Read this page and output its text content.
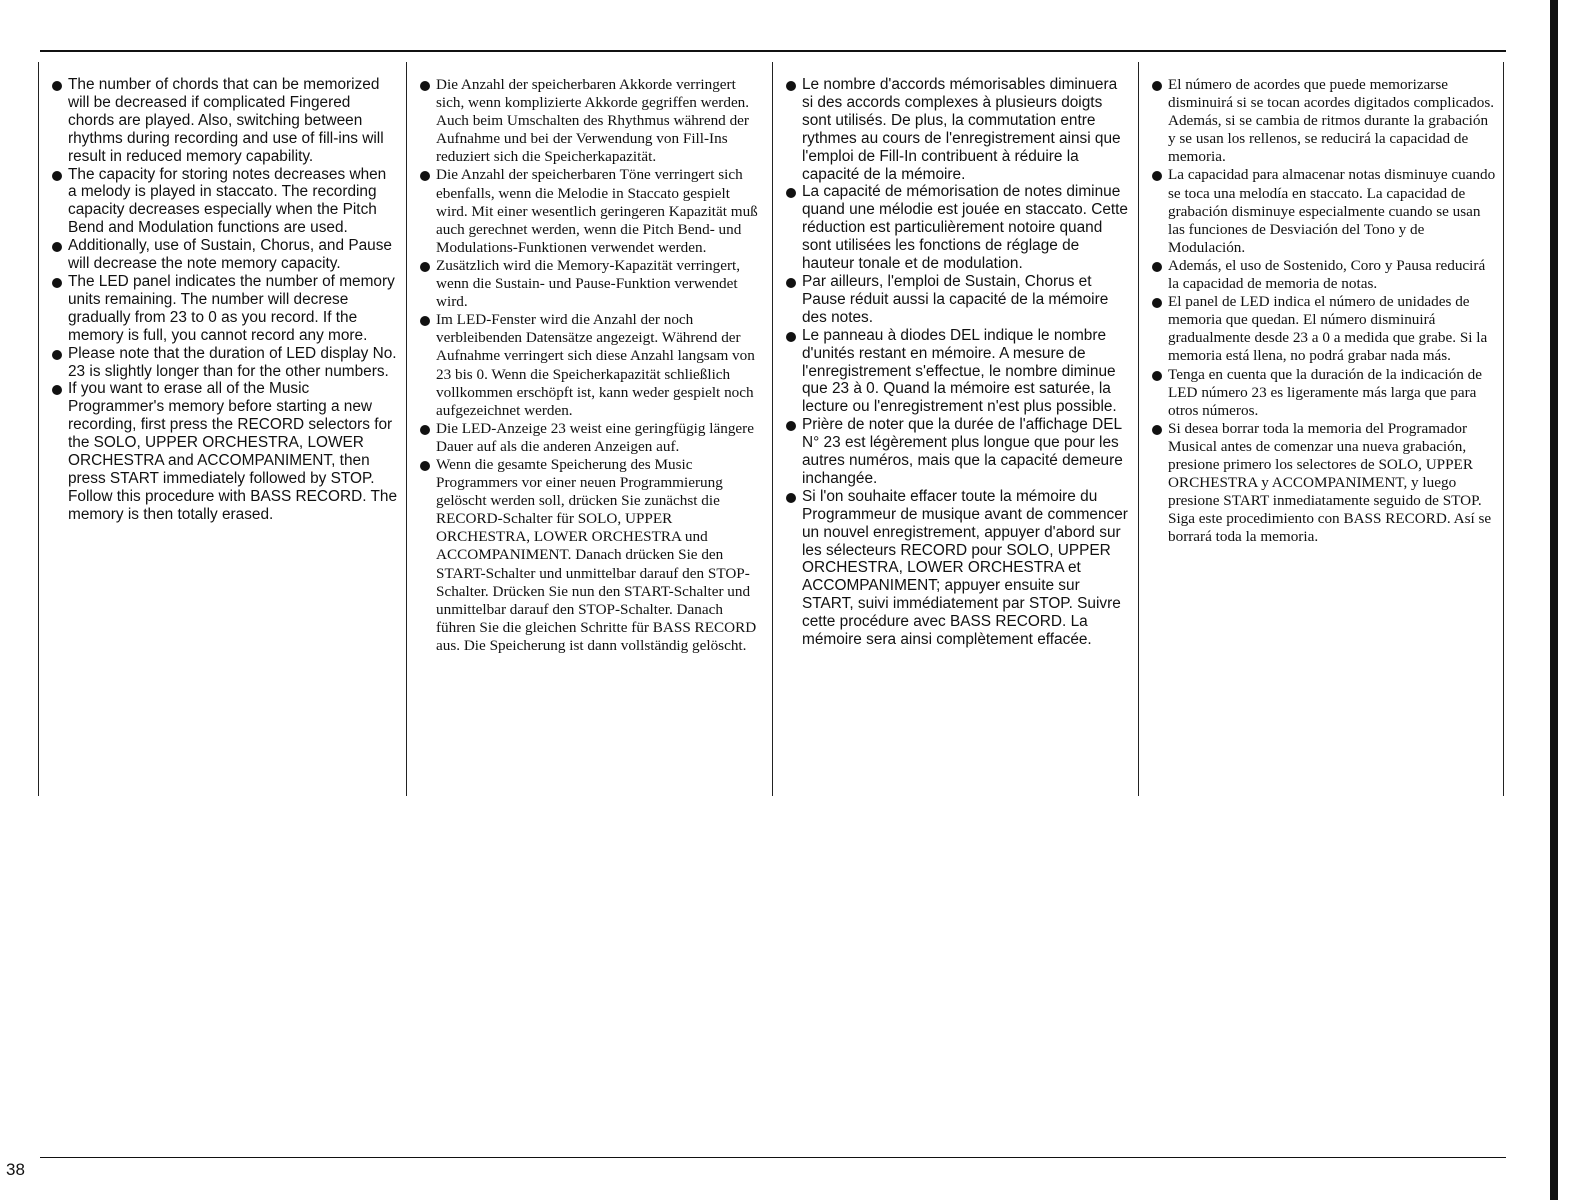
The number of chords that can be memorized will be decreased if complicated Fingered chords are played. Also, switching between rhythms during recording and use of fill-ins will result in reduced memory capability.
The capacity for storing notes decreases when a melody is played in staccato. The recording capacity decreases especially when the Pitch Bend and Modulation functions are used.
Additionally, use of Sustain, Chorus, and Pause will decrease the note memory capacity.
The LED panel indicates the number of memory units remaining. The number will decrese gradually from 23 to 0 as you record. If the memory is full, you cannot record any more.
Please note that the duration of LED display No. 23 is slightly longer than for the other numbers.
If you want to erase all of the Music Programmer's memory before starting a new recording, first press the RECORD selectors for the SOLO, UPPER ORCHESTRA, LOWER ORCHESTRA and ACCOMPANIMENT, then press START immediately followed by STOP. Follow this procedure with BASS RECORD. The memory is then totally erased.
Die Anzahl der speicherbaren Akkorde verringert sich, wenn komplizierte Akkorde gegriffen werden. Auch beim Umschalten des Rhythmus während der Aufnahme und bei der Verwendung von Fill-Ins reduziert sich die Speicherkapazität.
Die Anzahl der speicherbaren Töne verringert sich ebenfalls, wenn die Melodie in Staccato gespielt wird. Mit einer wesentlich geringeren Kapazität muß auch gerechnet werden, wenn die Pitch Bend- und Modulations-Funktionen verwendet werden.
Zusätzlich wird die Memory-Kapazität verringert, wenn die Sustain- und Pause-Funktion verwendet wird.
Im LED-Fenster wird die Anzahl der noch verbleibenden Datensätze angezeigt. Während der Aufnahme verringert sich diese Anzahl langsam von 23 bis 0. Wenn die Speicherkapazität schließlich vollkommen erschöpft ist, kann weder gespielt noch aufgezeichnet werden.
Die LED-Anzeige 23 weist eine geringfügig längere Dauer auf als die anderen Anzeigen auf.
Wenn die gesamte Speicherung des Music Programmers vor einer neuen Programmierung gelöscht werden soll, drücken Sie zunächst die RECORD-Schalter für SOLO, UPPER ORCHESTRA, LOWER ORCHESTRA und ACCOMPANIMENT. Danach drücken Sie den START-Schalter und unmittelbar darauf den STOP-Schalter. Drücken Sie nun den START-Schalter und unmittelbar darauf den STOP-Schalter. Danach führen Sie die gleichen Schritte für BASS RECORD aus. Die Speicherung ist dann vollständig gelöscht.
Le nombre d'accords mémorisables diminuera si des accords complexes à plusieurs doigts sont utilisés. De plus, la commutation entre rythmes au cours de l'enregistrement ainsi que l'emploi de Fill-In contribuent à réduire la capacité de la mémoire.
La capacité de mémorisation de notes diminue quand une mélodie est jouée en staccato. Cette réduction est particulièrement notoire quand sont utilisées les fonctions de réglage de hauteur tonale et de modulation.
Par ailleurs, l'emploi de Sustain, Chorus et Pause réduit aussi la capacité de la mémoire des notes.
Le panneau à diodes DEL indique le nombre d'unités restant en mémoire. A mesure de l'enregistrement s'effectue, le nombre diminue que 23 à 0. Quand la mémoire est saturée, la lecture ou l'enregistrement n'est plus possible.
Prière de noter que la durée de l'affichage DEL N° 23 est légèrement plus longue que pour les autres numéros, mais que la capacité demeure inchangée.
Si l'on souhaite effacer toute la mémoire du Programmeur de musique avant de commencer un nouvel enregistrement, appuyer d'abord sur les sélecteurs RECORD pour SOLO, UPPER ORCHESTRA, LOWER ORCHESTRA et ACCOMPANIMENT; appuyer ensuite sur START, suivi immédiatement par STOP. Suivre cette procédure avec BASS RECORD. La mémoire sera ainsi complètement effacée.
El número de acordes que puede memorizarse disminuirá si se tocan acordes digitados complicados. Además, si se cambia de ritmos durante la grabación y se usan los rellenos, se reducirá la capacidad de memoria.
La capacidad para almacenar notas disminuye cuando se toca una melodía en staccato. La capacidad de grabación disminuye especialmente cuando se usan las funciones de Desviación del Tono y de Modulación.
Además, el uso de Sostenido, Coro y Pausa reducirá la capacidad de memoria de notas.
El panel de LED indica el número de unidades de memoria que quedan. El número disminuirá gradualmente desde 23 a 0 a medida que grabe. Si la memoria está llena, no podrá grabar nada más.
Tenga en cuenta que la duración de la indicación de LED número 23 es ligeramente más larga que para otros números.
Si desea borrar toda la memoria del Programador Musical antes de comenzar una nueva grabación, presione primero los selectores de SOLO, UPPER ORCHESTRA y ACCOMPANIMENT, y luego presione START inmediatamente seguido de STOP. Siga este procedimiento con BASS RECORD. Así se borrará toda la memoria.
38
